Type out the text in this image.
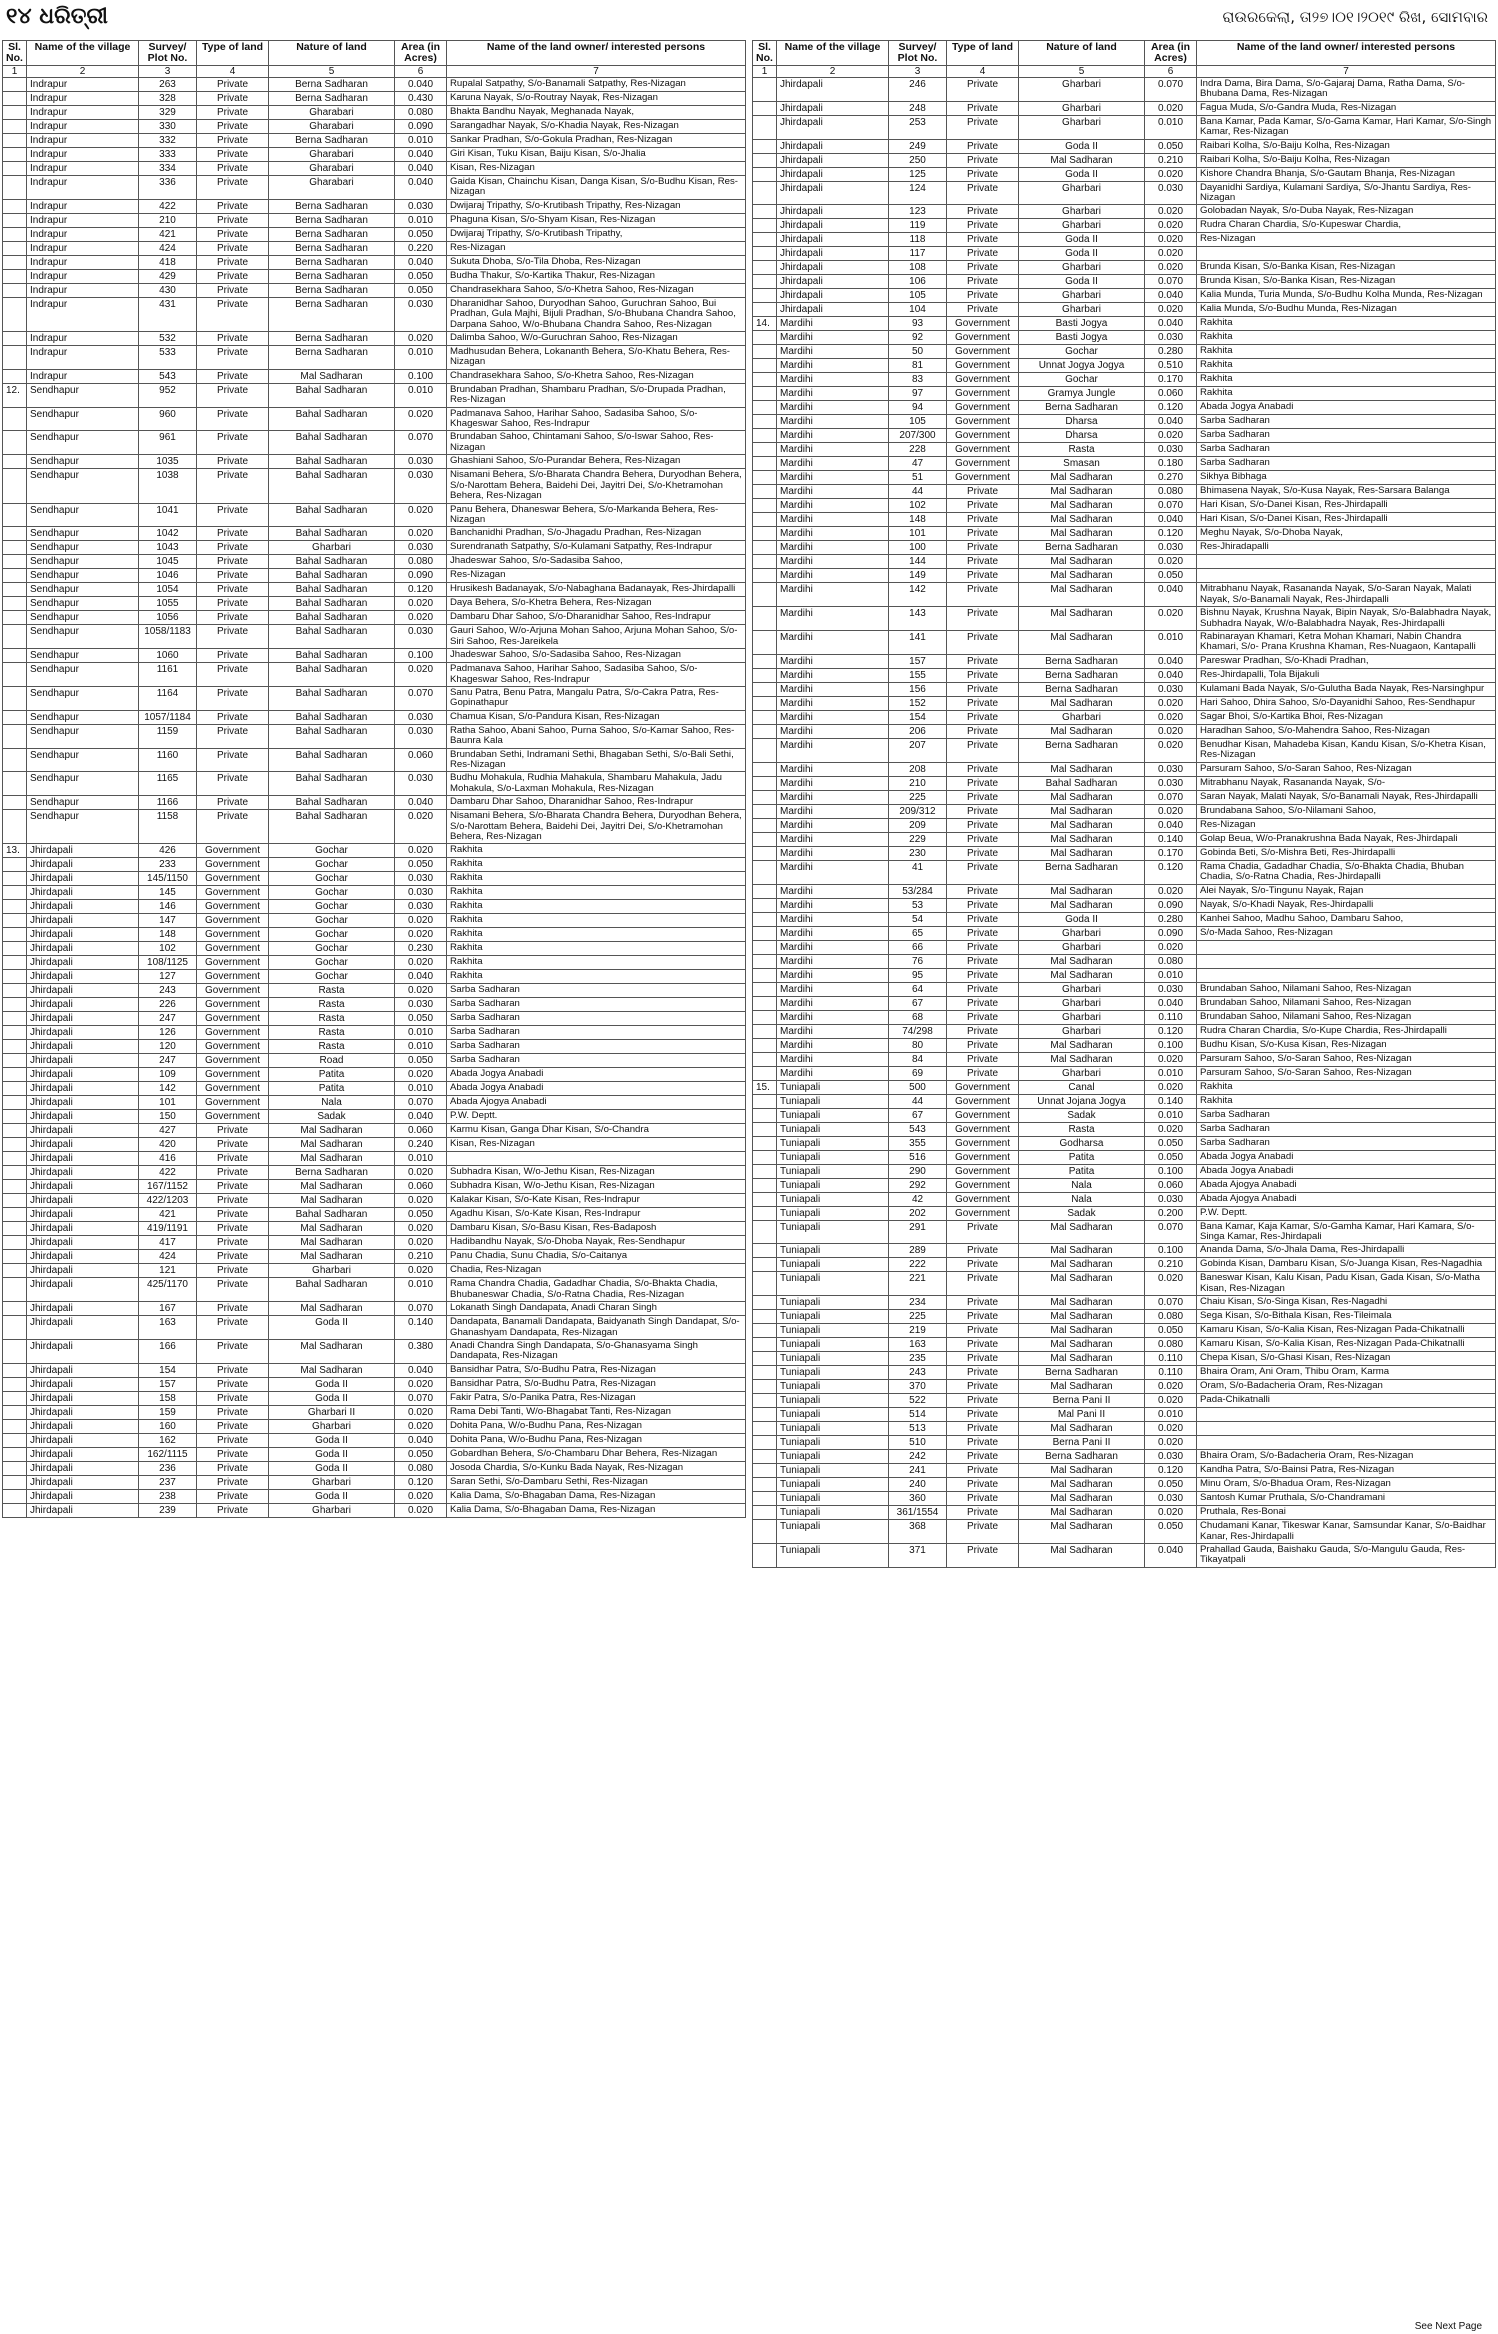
୧୪ ଧରିତ୍ରୀ	ରାଉରକେଲା, ତା୨୭।୦୧।୨୦୧୯ ରିଖ, ସୋମବାର
Sl. No.	Name of the village	Survey/ Plot No.	Type of land	Nature of land	Area (in Acres)	Name of the land owner/ interested persons
1	2	3	4	5	6	7
	Indrapur	263	Private	Berna Sadharan	0.040	Rupalal Satpathy, S/o-Banamali Satpathy, Res-Nizagan
	Indrapur	328	Private	Berna Sadharan	0.430	Karuna Nayak, S/o-Routray Nayak, Res-Nizagan
	Indrapur	329	Private	Gharabari	0.080	Bhakta Bandhu Nayak, Meghanada Nayak,
	Indrapur	330	Private	Gharabari	0.090	Sarangadhar Nayak, S/o-Khadia Nayak, Res-Nizagan
	Indrapur	332	Private	Berna Sadharan	0.010	Sankar Pradhan, S/o-Gokula Pradhan, Res-Nizagan
	Indrapur	333	Private	Gharabari	0.040	Giri Kisan, Tuku Kisan, Baiju Kisan, S/o-Jhalia
	Indrapur	334	Private	Gharabari	0.040	Kisan, Res-Nizagan
	Indrapur	336	Private	Gharabari	0.040	Gaida Kisan, Chainchu Kisan, Danga Kisan, S/o-Budhu Kisan, Res-Nizagan
	Indrapur	422	Private	Berna Sadharan	0.030	Dwijaraj Tripathy, S/o-Krutibash Tripathy, Res-Nizagan
	Indrapur	210	Private	Berna Sadharan	0.010	Phaguna Kisan, S/o-Shyam Kisan, Res-Nizagan
	Indrapur	421	Private	Berna Sadharan	0.050	Dwijaraj Tripathy, S/o-Krutibash Tripathy,
	Indrapur	424	Private	Berna Sadharan	0.220	Res-Nizagan
	Indrapur	418	Private	Berna Sadharan	0.040	Sukuta Dhoba, S/o-Tila Dhoba, Res-Nizagan
	Indrapur	429	Private	Berna Sadharan	0.050	Budha Thakur, S/o-Kartika Thakur, Res-Nizagan
	Indrapur	430	Private	Berna Sadharan	0.050	Chandrasekhara Sahoo, S/o-Khetra Sahoo, Res-Nizagan
	Indrapur	431	Private	Berna Sadharan	0.030	Dharanidhar Sahoo, Duryodhan Sahoo, Guruchran Sahoo, Bui Pradhan, Gula Majhi, Bijuli Pradhan, S/o-Bhubana Chandra Sahoo, Darpana Sahoo, W/o-Bhubana Chandra Sahoo, Res-Nizagan
	Indrapur	532	Private	Berna Sadharan	0.020	Dalimba Sahoo, W/o-Guruchran Sahoo, Res-Nizagan
	Indrapur	533	Private	Berna Sadharan	0.010	Madhusudan Behera, Lokananth Behera, S/o-Khatu Behera, Res-Nizagan
	Indrapur	543	Private	Mal Sadharan	0.100	Chandrasekhara Sahoo, S/o-Khetra Sahoo, Res-Nizagan
12.	Sendhapur	952	Private	Bahal Sadharan	0.010	Brundaban Pradhan, Shambaru Pradhan, S/o-Drupada Pradhan, Res-Nizagan
	Sendhapur	960	Private	Bahal Sadharan	0.020	Padmanava Sahoo, Harihar Sahoo, Sadasiba Sahoo, S/o-Khageswar Sahoo, Res-Indrapur
	Sendhapur	961	Private	Bahal Sadharan	0.070	Brundaban Sahoo, Chintamani Sahoo, S/o-Iswar Sahoo, Res-Nizagan
	Sendhapur	1035	Private	Bahal Sadharan	0.030	Ghashiani Sahoo, S/o-Purandar Behera, Res-Nizagan
	Sendhapur	1038	Private	Bahal Sadharan	0.030	Nisamani Behera, S/o-Bharata Chandra Behera, Duryodhan Behera, S/o-Narottam Behera, Baidehi Dei, Jayitri Dei, S/o-Khetramohan Behera, Res-Nizagan
	Sendhapur	1041	Private	Bahal Sadharan	0.020	Panu Behera, Dhaneswar Behera, S/o-Markanda Behera, Res-Nizagan
	Sendhapur	1042	Private	Bahal Sadharan	0.020	Banchanidhi Pradhan, S/o-Jhagadu Pradhan, Res-Nizagan
	Sendhapur	1043	Private	Gharbari	0.030	Surendranath Satpathy, S/o-Kulamani Satpathy, Res-Indrapur
	Sendhapur	1045	Private	Bahal Sadharan	0.080	Jhadeswar Sahoo, S/o-Sadasiba Sahoo,
	Sendhapur	1046	Private	Bahal Sadharan	0.090	Res-Nizagan
	Sendhapur	1054	Private	Bahal Sadharan	0.120	Hrusikesh Badanayak, S/o-Nabaghana Badanayak, Res-Jhirdapalli
	Sendhapur	1055	Private	Bahal Sadharan	0.020	Daya Behera, S/o-Khetra Behera, Res-Nizagan
	Sendhapur	1056	Private	Bahal Sadharan	0.020	Dambaru Dhar Sahoo, S/o-Dharanidhar Sahoo, Res-Indrapur
	Sendhapur	1058/1183	Private	Bahal Sadharan	0.030	Gauri Sahoo, W/o-Arjuna Mohan Sahoo, Arjuna Mohan Sahoo, S/o-Siri Sahoo, Res-Jareikela
	Sendhapur	1060	Private	Bahal Sadharan	0.100	Jhadeswar Sahoo, S/o-Sadasiba Sahoo, Res-Nizagan
	Sendhapur	1161	Private	Bahal Sadharan	0.020	Padmanava Sahoo, Harihar Sahoo, Sadasiba Sahoo, S/o-Khageswar Sahoo, Res-Indrapur
	Sendhapur	1164	Private	Bahal Sadharan	0.070	Sanu Patra, Benu Patra, Mangalu Patra, S/o-Cakra Patra, Res-Gopinathapur
	Sendhapur	1057/1184	Private	Bahal Sadharan	0.030	Chamua Kisan, S/o-Pandura Kisan, Res-Nizagan
	Sendhapur	1159	Private	Bahal Sadharan	0.030	Ratha Sahoo, Abani Sahoo, Purna Sahoo, S/o-Kamar Sahoo, Res-Baunra Kala
	Sendhapur	1160	Private	Bahal Sadharan	0.060	Brundaban Sethi, Indramani Sethi, Bhagaban Sethi, S/o-Bali Sethi, Res-Nizagan
	Sendhapur	1165	Private	Bahal Sadharan	0.030	Budhu Mohakula, Rudhia Mahakula, Shambaru Mahakula, Jadu Mohakula, S/o-Laxman Mohakula, Res-Nizagan
	Sendhapur	1166	Private	Bahal Sadharan	0.040	Dambaru Dhar Sahoo, Dharanidhar Sahoo, Res-Indrapur
	Sendhapur	1158	Private	Bahal Sadharan	0.020	Nisamani Behera, S/o-Bharata Chandra Behera, Duryodhan Behera, S/o-Narottam Behera, Baidehi Dei, Jayitri Dei, S/o-Khetramohan Behera, Res-Nizagan
13.	Jhirdapali	426	Government	Gochar	0.020	Rakhita
	Jhirdapali	233	Government	Gochar	0.050	Rakhita
	Jhirdapali	145/1150	Government	Gochar	0.030	Rakhita
	Jhirdapali	145	Government	Gochar	0.030	Rakhita
	Jhirdapali	146	Government	Gochar	0.030	Rakhita
	Jhirdapali	147	Government	Gochar	0.020	Rakhita
	Jhirdapali	148	Government	Gochar	0.020	Rakhita
	Jhirdapali	102	Government	Gochar	0.230	Rakhita
	Jhirdapali	108/1125	Government	Gochar	0.020	Rakhita
	Jhirdapali	127	Government	Gochar	0.040	Rakhita
	Jhirdapali	243	Government	Rasta	0.020	Sarba Sadharan
	Jhirdapali	226	Government	Rasta	0.030	Sarba Sadharan
	Jhirdapali	247	Government	Rasta	0.050	Sarba Sadharan
	Jhirdapali	126	Government	Rasta	0.010	Sarba Sadharan
	Jhirdapali	120	Government	Rasta	0.010	Sarba Sadharan
	Jhirdapali	247	Government	Road	0.050	Sarba Sadharan
	Jhirdapali	109	Government	Patita	0.020	Abada Jogya Anabadi
	Jhirdapali	142	Government	Patita	0.010	Abada Jogya Anabadi
	Jhirdapali	101	Government	Nala	0.070	Abada Ajogya Anabadi
	Jhirdapali	150	Government	Sadak	0.040	P.W. Deptt.
	Jhirdapali	427	Private	Mal Sadharan	0.060	Karmu Kisan, Ganga Dhar Kisan, S/o-Chandra
	Jhirdapali	420	Private	Mal Sadharan	0.240	Kisan, Res-Nizagan
	Jhirdapali	416	Private	Mal Sadharan	0.010	
	Jhirdapali	422	Private	Berna Sadharan	0.020	Subhadra Kisan, W/o-Jethu Kisan, Res-Nizagan
	Jhirdapali	167/1152	Private	Mal Sadharan	0.060	Subhadra Kisan, W/o-Jethu Kisan, Res-Nizagan
	Jhirdapali	422/1203	Private	Mal Sadharan	0.020	Kalakar Kisan, S/o-Kate Kisan, Res-Indrapur
	Jhirdapali	421	Private	Bahal Sadharan	0.050	Agadhu Kisan, S/o-Kate Kisan, Res-Indrapur
	Jhirdapali	419/1191	Private	Mal Sadharan	0.020	Dambaru Kisan, S/o-Basu Kisan, Res-Badaposh
	Jhirdapali	417	Private	Mal Sadharan	0.020	Hadibandhu Nayak, S/o-Dhoba Nayak, Res-Sendhapur
	Jhirdapali	424	Private	Mal Sadharan	0.210	Panu Chadia, Sunu Chadia, S/o-Caitanya
	Jhirdapali	121	Private	Gharbari	0.020	Chadia, Res-Nizagan
	Jhirdapali	425/1170	Private	Bahal Sadharan	0.010	Rama Chandra Chadia, Gadadhar Chadia, S/o-Bhakta Chadia, Bhubaneswar Chadia, S/o-Ratna Chadia, Res-Nizagan
	Jhirdapali	167	Private	Mal Sadharan	0.070	Lokanath Singh Dandapata, Anadi Charan Singh
	Jhirdapali	163	Private	Goda II	0.140	Dandapata, Banamali Dandapata, Baidyanath Singh Dandapat, S/o-Ghanashyam Dandapata, Res-Nizagan
	Jhirdapali	166	Private	Mal Sadharan	0.380	Anadi Chandra Singh Dandapata, S/o-Ghanasyama Singh Dandapata, Res-Nizagan
	Jhirdapali	154	Private	Mal Sadharan	0.040	Bansidhar Patra, S/o-Budhu Patra, Res-Nizagan
	Jhirdapali	157	Private	Goda II	0.020	Bansidhar Patra, S/o-Budhu Patra, Res-Nizagan
	Jhirdapali	158	Private	Goda II	0.070	Fakir Patra, S/o-Panika Patra, Res-Nizagan
	Jhirdapali	159	Private	Gharbari II	0.020	Rama Debi Tanti, W/o-Bhagabat Tanti, Res-Nizagan
	Jhirdapali	160	Private	Gharbari	0.020	Dohita Pana, W/o-Budhu Pana, Res-Nizagan
	Jhirdapali	162	Private	Goda II	0.040	Dohita Pana, W/o-Budhu Pana, Res-Nizagan
	Jhirdapali	162/1115	Private	Goda II	0.050	Gobardhan Behera, S/o-Chambaru Dhar Behera, Res-Nizagan
	Jhirdapali	236	Private	Goda II	0.080	Josoda Chardia, S/o-Kunku Bada Nayak, Res-Nizagan
	Jhirdapali	237	Private	Gharbari	0.120	Saran Sethi, S/o-Dambaru Sethi, Res-Nizagan
	Jhirdapali	238	Private	Goda II	0.020	Kalia Dama, S/o-Bhagaban Dama, Res-Nizagan
	Jhirdapali	239	Private	Gharbari	0.020	Kalia Dama, S/o-Bhagaban Dama, Res-Nizagan
Sl. No.	Name of the village	Survey/ Plot No.	Type of land	Nature of land	Area (in Acres)	Name of the land owner/ interested persons
1	2	3	4	5	6	7
	Jhirdapali	246	Private	Gharbari	0.070	Indra Dama, Bira Dama, S/o-Gajaraj Dama, Ratha Dama, S/o-Bhubana Dama, Res-Nizagan
	Jhirdapali	248	Private	Gharbari	0.020	Fagua Muda, S/o-Gandra Muda, Res-Nizagan
	Jhirdapali	253	Private	Gharbari	0.010	Bana Kamar, Pada Kamar, S/o-Gama Kamar, Hari Kamar, S/o-Singh Kamar, Res-Nizagan
	Jhirdapali	249	Private	Goda II	0.050	Raibari Kolha, S/o-Baiju Kolha, Res-Nizagan
	Jhirdapali	250	Private	Mal Sadharan	0.210	Raibari Kolha, S/o-Baiju Kolha, Res-Nizagan
	Jhirdapali	125	Private	Goda II	0.020	Kishore Chandra Bhanja, S/o-Gautam Bhanja, Res-Nizagan
	Jhirdapali	124	Private	Gharbari	0.030	Dayanidhi Sardiya, Kulamani Sardiya, S/o-Jhantu Sardiya, Res-Nizagan
	Jhirdapali	123	Private	Gharbari	0.020	Golobadan Nayak, S/o-Duba Nayak, Res-Nizagan
	Jhirdapali	119	Private	Gharbari	0.020	Rudra Charan Chardia, S/o-Kupeswar Chardia,
	Jhirdapali	118	Private	Goda II	0.020	Res-Nizagan
	Jhirdapali	117	Private	Goda II	0.020	
	Jhirdapali	108	Private	Gharbari	0.020	Brunda Kisan, S/o-Banka Kisan, Res-Nizagan
	Jhirdapali	106	Private	Goda II	0.070	Brunda Kisan, S/o-Banka Kisan, Res-Nizagan
	Jhirdapali	105	Private	Gharbari	0.040	Kalia Munda, Turia Munda, S/o-Budhu Kolha Munda, Res-Nizagan
	Jhirdapali	104	Private	Gharbari	0.020	Kalia Munda, S/o-Budhu Munda, Res-Nizagan
14.	Mardihi	93	Government	Basti Jogya	0.040	Rakhita
	Mardihi	92	Government	Basti Jogya	0.030	Rakhita
	Mardihi	50	Government	Gochar	0.280	Rakhita
	Mardihi	81	Government	Unnat Jogya Jogya	0.510	Rakhita
	Mardihi	83	Government	Gochar	0.170	Rakhita
	Mardihi	97	Government	Gramya Jungle	0.060	Rakhita
	Mardihi	94	Government	Berna Sadharan	0.120	Abada Jogya Anabadi
	Mardihi	105	Government	Dharsa	0.040	Sarba Sadharan
	Mardihi	207/300	Government	Dharsa	0.020	Sarba Sadharan
	Mardihi	228	Government	Rasta	0.030	Sarba Sadharan
	Mardihi	47	Government	Smasan	0.180	Sarba Sadharan
	Mardihi	51	Government	Mal Sadharan	0.270	Sikhya Bibhaga
	Mardihi	44	Private	Mal Sadharan	0.080	Bhimasena Nayak, S/o-Kusa Nayak, Res-Sarsara Balanga
	Mardihi	102	Private	Mal Sadharan	0.070	Hari Kisan, S/o-Danei Kisan, Res-Jhirdapalli
	Mardihi	148	Private	Mal Sadharan	0.040	Hari Kisan, S/o-Danei Kisan, Res-Jhirdapalli
	Mardihi	101	Private	Mal Sadharan	0.120	Meghu Nayak, S/o-Dhoba Nayak,
	Mardihi	100	Private	Berna Sadharan	0.030	Res-Jhiradapalli
	Mardihi	144	Private	Mal Sadharan	0.020	
	Mardihi	149	Private	Mal Sadharan	0.050	
	Mardihi	142	Private	Mal Sadharan	0.040	Mitrabhanu Nayak, Rasananda Nayak, S/o-Saran Nayak, Malati Nayak, S/o-Banamali Nayak, Res-Jhirdapalli
	Mardihi	143	Private	Mal Sadharan	0.020	Bishnu Nayak, Krushna Nayak, Bipin Nayak, S/o-Balabhadra Nayak, Subhadra Nayak, W/o-Balabhadra Nayak, Res-Jhirdapalli
	Mardihi	141	Private	Mal Sadharan	0.010	Rabinarayan Khamari, Ketra Mohan Khamari, Nabin Chandra Khamari, S/o- Prana Krushna Khaman, Res-Nuagaon, Kantapalli
	Mardihi	157	Private	Berna Sadharan	0.040	Pareswar Pradhan, S/o-Khadi Pradhan,
	Mardihi	155	Private	Berna Sadharan	0.040	Res-Jhirdapalli, Tola Bijakuli
	Mardihi	156	Private	Berna Sadharan	0.030	Kulamani Bada Nayak, S/o-Gulutha Bada Nayak, Res-Narsinghpur
	Mardihi	152	Private	Mal Sadharan	0.020	Hari Sahoo, Dhira Sahoo, S/o-Dayanidhi Sahoo, Res-Sendhapur
	Mardihi	154	Private	Gharbari	0.020	Sagar Bhoi, S/o-Kartika Bhoi, Res-Nizagan
	Mardihi	206	Private	Mal Sadharan	0.020	Haradhan Sahoo, S/o-Mahendra Sahoo, Res-Nizagan
	Mardihi	207	Private	Berna Sadharan	0.020	Benudhar Kisan, Mahadeba Kisan, Kandu Kisan, S/o-Khetra Kisan, Res-Nizagan
	Mardihi	208	Private	Mal Sadharan	0.030	Parsuram Sahoo, S/o-Saran Sahoo, Res-Nizagan
	Mardihi	210	Private	Bahal Sadharan	0.030	Mitrabhanu Nayak, Rasananda Nayak, S/o-
	Mardihi	225	Private	Mal Sadharan	0.070	Saran Nayak, Malati Nayak, S/o-Banamali Nayak, Res-Jhirdapalli
	Mardihi	209/312	Private	Mal Sadharan	0.020	Brundabana Sahoo, S/o-Nilamani Sahoo,
	Mardihi	209	Private	Mal Sadharan	0.040	Res-Nizagan
	Mardihi	229	Private	Mal Sadharan	0.140	Golap Beua, W/o-Pranakrushna Bada Nayak, Res-Jhirdapali
	Mardihi	230	Private	Mal Sadharan	0.170	Gobinda Beti, S/o-Mishra Beti, Res-Jhirdapalli
	Mardihi	41	Private	Berna Sadharan	0.120	Rama Chadia, Gadadhar Chadia, S/o-Bhakta Chadia, Bhuban Chadia, S/o-Ratna Chadia, Res-Jhirdapalli
	Mardihi	53/284	Private	Mal Sadharan	0.020	Alei Nayak, S/o-Tingunu Nayak, Rajan
	Mardihi	53	Private	Mal Sadharan	0.090	Nayak, S/o-Khadi Nayak, Res-Jhirdapalli
	Mardihi	54	Private	Goda II	0.280	Kanhei Sahoo, Madhu Sahoo, Dambaru Sahoo,
	Mardihi	65	Private	Gharbari	0.090	S/o-Mada Sahoo, Res-Nizagan
	Mardihi	66	Private	Gharbari	0.020	
	Mardihi	76	Private	Mal Sadharan	0.080	
	Mardihi	95	Private	Mal Sadharan	0.010	
	Mardihi	64	Private	Gharbari	0.030	Brundaban Sahoo, Nilamani Sahoo, Res-Nizagan
	Mardihi	67	Private	Gharbari	0.040	Brundaban Sahoo, Nilamani Sahoo, Res-Nizagan
	Mardihi	68	Private	Gharbari	0.110	Brundaban Sahoo, Nilamani Sahoo, Res-Nizagan
	Mardihi	74/298	Private	Gharbari	0.120	Rudra Charan Chardia, S/o-Kupe Chardia, Res-Jhirdapalli
	Mardihi	80	Private	Mal Sadharan	0.100	Budhu Kisan, S/o-Kusa Kisan, Res-Nizagan
	Mardihi	84	Private	Mal Sadharan	0.020	Parsuram Sahoo, S/o-Saran Sahoo, Res-Nizagan
	Mardihi	69	Private	Gharbari	0.010	Parsuram Sahoo, S/o-Saran Sahoo, Res-Nizagan
15.	Tuniapali	500	Government	Canal	0.020	Rakhita
	Tuniapali	44	Government	Unnat Jojana Jogya	0.140	Rakhita
	Tuniapali	67	Government	Sadak	0.010	Sarba Sadharan
	Tuniapali	543	Government	Rasta	0.020	Sarba Sadharan
	Tuniapali	355	Government	Godharsa	0.050	Sarba Sadharan
	Tuniapali	516	Government	Patita	0.050	Abada Jogya Anabadi
	Tuniapali	290	Government	Patita	0.100	Abada Jogya Anabadi
	Tuniapali	292	Government	Nala	0.060	Abada Ajogya Anabadi
	Tuniapali	42	Government	Nala	0.030	Abada Ajogya Anabadi
	Tuniapali	202	Government	Sadak	0.200	P.W. Deptt.
	Tuniapali	291	Private	Mal Sadharan	0.070	Bana Kamar, Kaja Kamar, S/o-Gamha Kamar, Hari Kamara, S/o-Singa Kamar, Res-Jhirdapali
	Tuniapali	289	Private	Mal Sadharan	0.100	Ananda Dama, S/o-Jhala Dama, Res-Jhirdapalli
	Tuniapali	222	Private	Mal Sadharan	0.210	Gobinda Kisan, Dambaru Kisan, S/o-Juanga Kisan, Res-Nagadhia
	Tuniapali	221	Private	Mal Sadharan	0.020	Baneswar Kisan, Kalu Kisan, Padu Kisan, Gada Kisan, S/o-Matha Kisan, Res-Nizagan
	Tuniapali	234	Private	Mal Sadharan	0.070	Chaiu Kisan, S/o-Singa Kisan, Res-Nagadhi
	Tuniapali	225	Private	Mal Sadharan	0.080	Sega Kisan, S/o-Bithala Kisan, Res-Tileimala
	Tuniapali	219	Private	Mal Sadharan	0.050	Kamaru Kisan, S/o-Kalia Kisan, Res-Nizagan Pada-Chikatnalli
	Tuniapali	163	Private	Mal Sadharan	0.080	Kamaru Kisan, S/o-Kalia Kisan, Res-Nizagan Pada-Chikatnalli
	Tuniapali	235	Private	Mal Sadharan	0.110	Chepa Kisan, S/o-Ghasi Kisan, Res-Nizagan
	Tuniapali	243	Private	Berna Sadharan	0.110	Bhaira Oram, Ani Oram, Thibu Oram, Karma
	Tuniapali	370	Private	Mal Sadharan	0.020	Oram, S/o-Badacheria Oram, Res-Nizagan
	Tuniapali	522	Private	Berna Pani II	0.020	Pada-Chikatnalli
	Tuniapali	514	Private	Mal Pani II	0.010	
	Tuniapali	513	Private	Mal Sadharan	0.020	
	Tuniapali	510	Private	Berna Pani II	0.020	
	Tuniapali	242	Private	Berna Sadharan	0.030	Bhaira Oram, S/o-Badacheria Oram, Res-Nizagan
	Tuniapali	241	Private	Mal Sadharan	0.120	Kandha Patra, S/o-Bainsi Patra, Res-Nizagan
	Tuniapali	240	Private	Mal Sadharan	0.050	Minu Oram, S/o-Bhadua Oram, Res-Nizagan
	Tuniapali	360	Private	Mal Sadharan	0.030	Santosh Kumar Pruthala, S/o-Chandramani
	Tuniapali	361/1554	Private	Mal Sadharan	0.020	Pruthala, Res-Bonai
	Tuniapali	368	Private	Mal Sadharan	0.050	Chudamani Kanar, Tikeswar Kanar, Samsundar Kanar, S/o-Baidhar Kanar, Res-Jhirdapalli
	Tuniapali	371	Private	Mal Sadharan	0.040	Prahallad Gauda, Baishaku Gauda, S/o-Mangulu Gauda, Res-Tikayatpali
See Next Page
